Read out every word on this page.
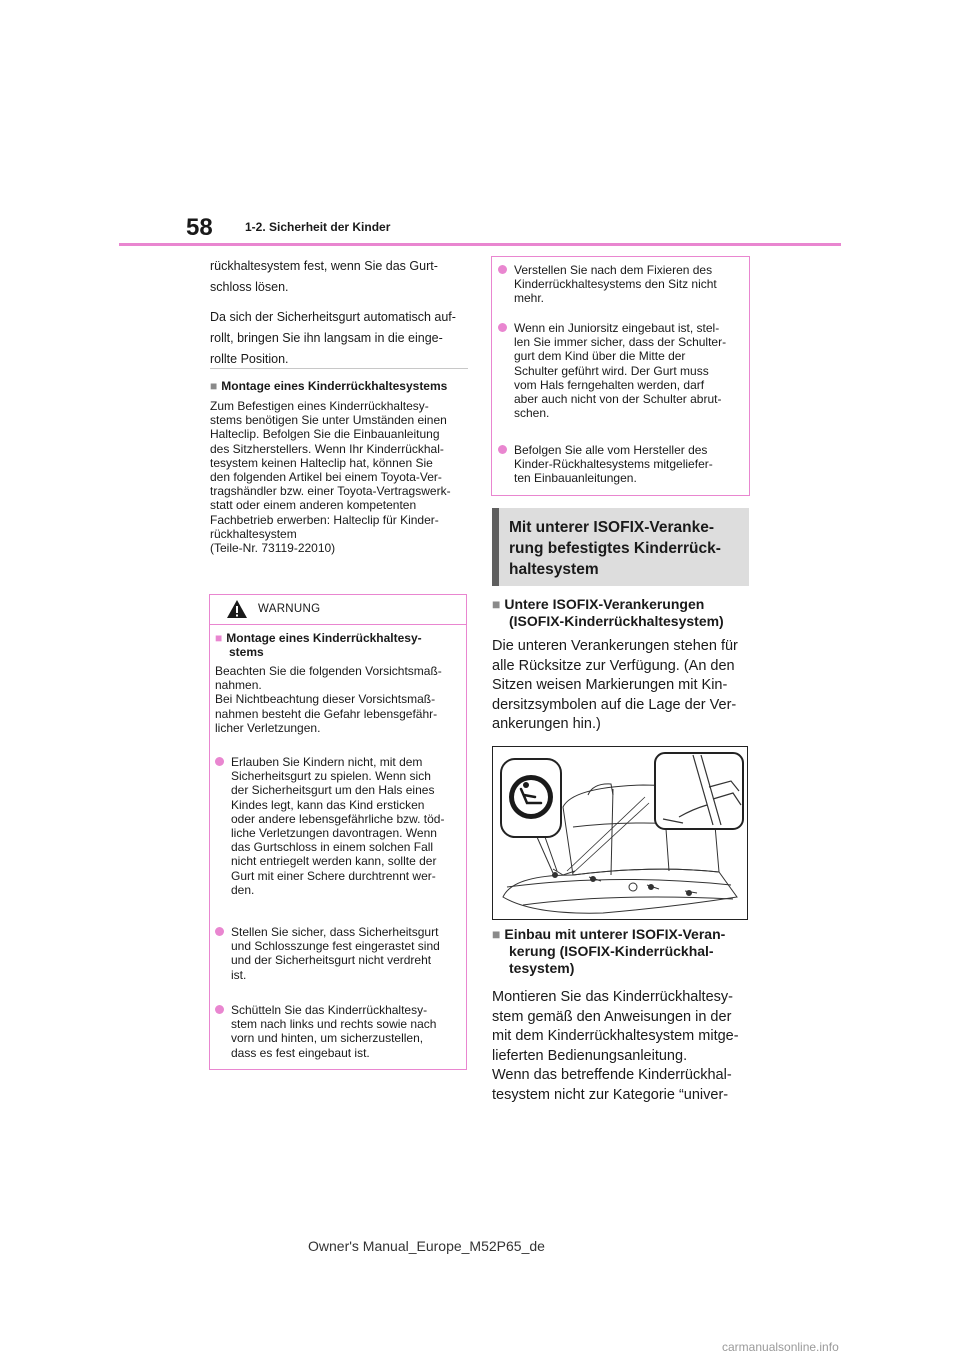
58	1-2. Sicherheit der Kinder

rückhaltesystem fest, wenn Sie das Gurt-

schloss lösen.

Da sich der Sicherheitsgurt automatisch auf-

rollt, bringen Sie ihn langsam in die einge-

rollte Position.

■ Montage eines Kinderrückhaltesystems
Zum Befestigen eines Kinderrückhaltesy-
stems benötigen Sie unter Umständen einen
Halteclip. Befolgen Sie die Einbauanleitung
des Sitzherstellers. Wenn Ihr Kinderrückhal-
tesystem keinen Halteclip hat, können Sie
den folgenden Artikel bei einem Toyota-Ver-
tragshändler bzw. einer Toyota-Vertragswerk-
statt oder einem anderen kompetenten
Fachbetrieb erwerben: Halteclip für Kinder-
rückhaltesystem
(Teile-Nr. 73119-22010)
WARNUNG
■ Montage eines Kinderrückhaltesy-
stems
Beachten Sie die folgenden Vorsichtsmaß-
nahmen.
Bei Nichtbeachtung dieser Vorsichtsmaß-
nahmen besteht die Gefahr lebensgefähr-
licher Verletzungen.
Erlauben Sie Kindern nicht, mit dem
Sicherheitsgurt zu spielen. Wenn sich
der Sicherheitsgurt um den Hals eines
Kindes legt, kann das Kind ersticken
oder andere lebensgefährliche bzw. töd-
liche Verletzungen davontragen. Wenn
das Gurtschloss in einem solchen Fall
nicht entriegelt werden kann, sollte der
Gurt mit einer Schere durchtrennt wer-
den.
Stellen Sie sicher, dass Sicherheitsgurt
und Schlosszunge fest eingerastet sind
und der Sicherheitsgurt nicht verdreht
ist.
Schütteln Sie das Kinderrückhaltesy-
stem nach links und rechts sowie nach
vorn und hinten, um sicherzustellen,
dass es fest eingebaut ist.
Verstellen Sie nach dem Fixieren des
Kinderrückhaltesystems den Sitz nicht
mehr.
Wenn ein Juniorsitz eingebaut ist, stel-
len Sie immer sicher, dass der Schulter-
gurt dem Kind über die Mitte der
Schulter geführt wird. Der Gurt muss
vom Hals ferngehalten werden, darf
aber auch nicht von der Schulter abrut-
schen.
Befolgen Sie alle vom Hersteller des
Kinder-Rückhaltesystems mitgeliefer-
ten Einbauanleitungen.
Mit unterer ISOFIX-Veranke-
rung befestigtes Kinderrück-
haltesystem
■ Untere ISOFIX-Verankerungen
(ISOFIX-Kinderrückhaltesystem)
Die unteren Verankerungen stehen für
alle Rücksitze zur Verfügung. (An den
Sitzen weisen Markierungen mit Kin-
dersitzsymbolen auf die Lage der Ver-
ankerungen hin.)
■ Einbau mit unterer ISOFIX-Veran-
kerung (ISOFIX-Kinderrückhal-
tesystem)
Montieren Sie das Kinderrückhaltesy-
stem gemäß den Anweisungen in der
mit dem Kinderrückhaltesystem mitge-
lieferten Bedienungsanleitung.
Wenn das betreffende Kinderrückhal-
tesystem nicht zur Kategorie “univer-
Owner's Manual_Europe_M52P65_de
carmanualsonline.info
